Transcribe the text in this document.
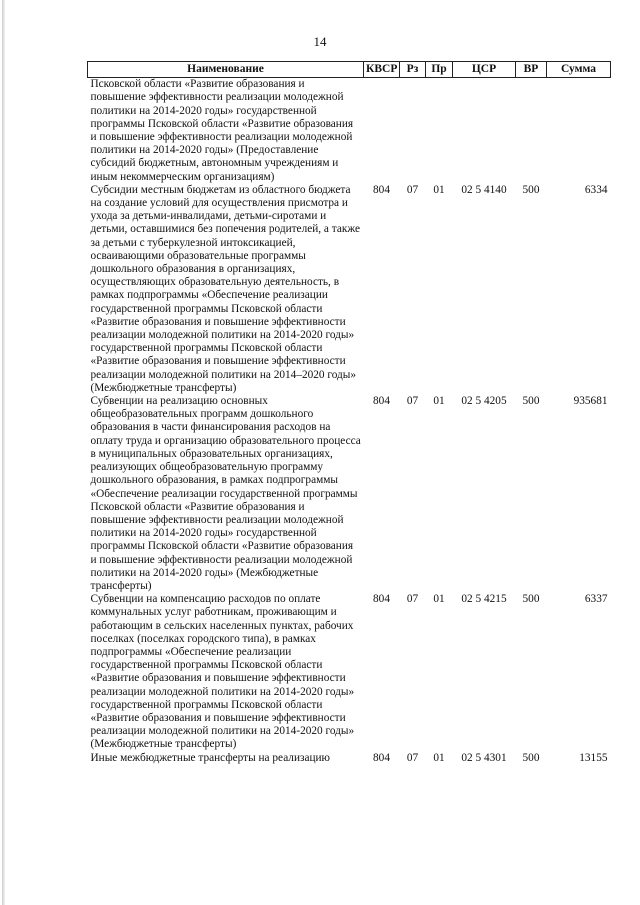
14
Наименование	КВСР	Рз	Пр	ЦСР	ВР	Сумма
Псковской области «Развитие образования и повышение эффективности реализации молодежной политики на 2014-2020 годы» государственной программы Псковской области «Развитие образования и повышение эффективности реализации молодежной политики на 2014-2020 годы» (Предоставление субсидий бюджетным, автономным учреждениям и иным некоммерческим организациям)						
Субсидии местным бюджетам из областного бюджета на создание условий для осуществления присмотра и ухода за детьми-инвалидами, детьми-сиротами и детьми, оставшимися без попечения родителей, а также за детьми с туберкулезной интоксикацией, осваивающими образовательные программы дошкольного образования в организациях, осуществляющих образовательную деятельность, в рамках подпрограммы «Обеспечение реализации государственной программы Псковской области «Развитие образования и повышение эффективности реализации молодежной политики на 2014-2020 годы» государственной программы Псковской области «Развитие образования и повышение эффективности реализации молодежной политики на 2014–2020 годы» (Межбюджетные трансферты)	804	07	01	02 5 4140	500	6334
Субвенции на реализацию основных общеобразовательных программ дошкольного образования в части финансирования расходов на оплату труда и организацию образовательного процесса в муниципальных образовательных организациях, реализующих общеобразовательную программу дошкольного образования, в рамках подпрограммы «Обеспечение реализации государственной программы Псковской области «Развитие образования и повышение эффективности реализации молодежной политики на 2014-2020 годы» государственной программы Псковской области «Развитие образования и повышение эффективности реализации молодежной политики на 2014-2020 годы» (Межбюджетные трансферты)	804	07	01	02 5 4205	500	935681
Субвенции на компенсацию расходов по оплате коммунальных услуг работникам, проживающим и работающим в сельских населенных пунктах, рабочих поселках (поселках городского типа), в рамках подпрограммы «Обеспечение реализации государственной программы Псковской области «Развитие образования и повышение эффективности реализации молодежной политики на 2014-2020 годы» государственной программы Псковской области «Развитие образования и повышение эффективности реализации молодежной политики на 2014-2020 годы» (Межбюджетные трансферты)	804	07	01	02 5 4215	500	6337
Иные межбюджетные трансферты на реализацию	804	07	01	02 5 4301	500	13155
